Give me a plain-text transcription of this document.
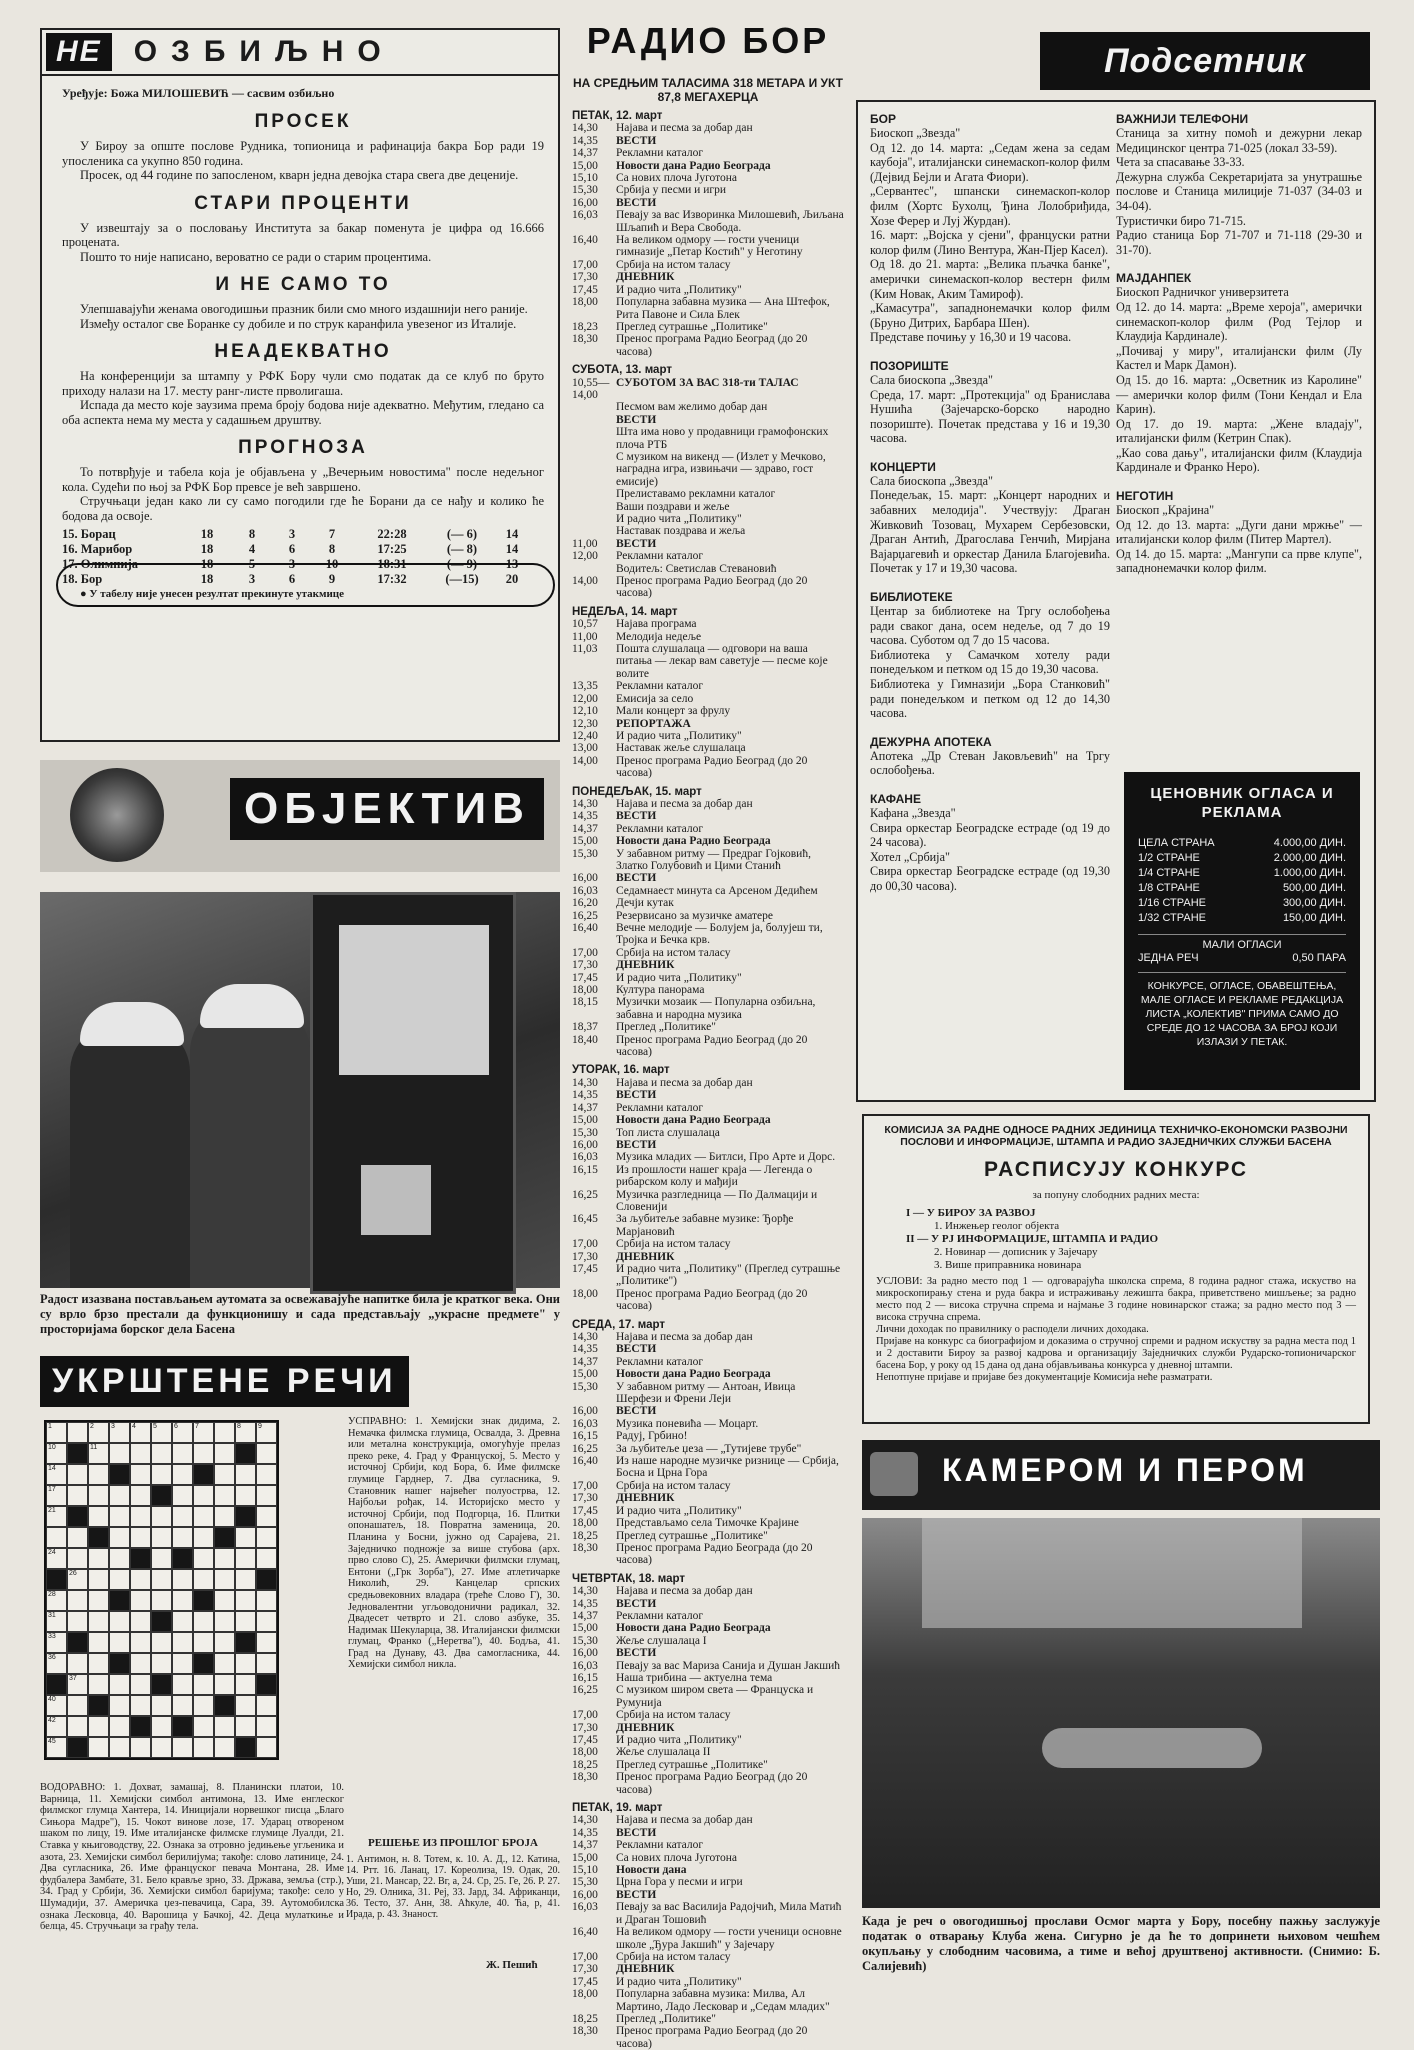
НЕ	ОЗБИЉНО
Уређује: Божа МИЛОШЕВИЋ — сасвим озбиљно
ПРОСЕК
У Бироу за опште послове Рудника, топионица и рафинација бакра Бор ради 19 упосленика са укупно 850 година.
Просек, од 44 године по запосленом, кварн једна девојка стара свега две деценије.
СТАРИ ПРОЦЕНТИ
У извештају за о пословању Института за бакар поменута је цифра од 16.666 процената.
Пошто то није написано, вероватно се ради о старим процентима.
И НЕ САМО ТО
Улепшавајући женама овогодишњи празник били смо много издашнији него раније.
Између осталог све Боранке су добиле и по струк каранфила увезеног из Италије.
НЕАДЕКВАТНО
На конференцији за штампу у РФК Бору чули смо податак да се клуб по бруто приходу налази на 17. месту ранг-листе прволигаша.
Испада да место које заузима према броју бодова није адекватно. Међутим, гледано са оба аспекта нема му места у садашњем друштву.
ПРОГНОЗА
То потврђује и табела која је објављена у „Вечерњим новостима" после недељног кола. Судећи по њој за РФК Бор превсе је већ завршено.
Стручњаци један како ли су само погодили где ће Борани да се нађу и колико ће бодова да освоје.
15. Борац	18	8	3	7	22:28	(— 6)	14
16. Марибор	18	4	6	8	17:25	(— 8)	14
17. Олимпија	18	5	3	10	18:31	(— 9)	13
18. Бор	18	3	6	9	17:32	(—15)	20
● У табелу није унесен резултат прекинуте утакмице
ОБЈЕКТИВ
Радост изазвана постављањем аутомата за освежавајуће напитке била је кратког века. Они су врло брзо престали да функционишу и сада представљају „украсне предмете" у просторијама борског дела Басена
УКРШТЕНЕ РЕЧИ
1	2 3 4 5 6 7	8 9
10	11
14
17
21
24
26
28
31
33
36
37
40
42
45
ВОДОРАВНО: 1. Дохват, замашај, 8. Планински платои, 10. Варница, 11. Хемијски симбол антимона, 13. Име енглеског филмског глумца Хантера, 14. Иницијали норвешког писца „Благо Сињора Мадре"), 15. Чокот винове лозе, 17. Ударац отвореном шаком по лицу, 19. Име италијанске филмске глумице Луалди, 21. Ставка у књиговодству, 22. Ознака за отровно једињење угљеника и азота, 23. Хемијски симбол берилијума; такође: слово латинице, 24. Два сугласника, 26. Име француског певача Монтана, 28. Име фудбалера Замбате, 31. Бело кравље зрно, 33. Држава, земља (стр.), 34. Град у Србији, 36. Хемијски симбол баријума; такође: село у Шумадији, 37. Америчка џез-певачица, Сара, 39. Аутомобилска ознака Лесковца, 40. Варошица у Бачкој, 42. Деца мулаткиње и белца, 45. Стручњаци за грађу тела.
УСПРАВНО: 1. Хемијски знак дидима, 2. Немачка филмска глумица, Освалда, 3. Древна или метална конструкција, омогућује прелаз преко реке, 4. Град у Француској, 5. Место у источној Србији, код Бора, 6. Име филмске глумице Гарднер, 7. Два сугласника, 9. Становник нашег највећег полуострва, 12. Најбољи рођак, 14. Историјско место у источној Србији, под Подгорца, 16. Плитки опонашатељ, 18. Повратна заменица, 20. Планина у Босни, јужно од Сарајева, 21. Заједничко подножје за више стубова (арх. прво слово С), 25. Амерички филмски глумац, Ентони („Грк Зорба"), 27. Име атлетичарке Николић, 29. Канцелар српских средњовековних владара (треће Слово Г), 30. Једновалентни угљоводонични радикал, 32. Двадесет четврто и 21. слово азбуке, 35. Надимак Шекуларца, 38. Италијански филмски глумац, Франко („Неретва"), 40. Бодља, 41. Град на Дунаву, 43. Два самогласника, 44. Хемијски симбол никла.
РЕШЕЊЕ ИЗ ПРОШЛОГ БРОЈА
1. Антимон, н. 8. Тотем, к. 10. А. Д., 12. Катина, 14. Ртт. 16. Ланац, 17. Кореолиза, 19. Одак, 20. Уши, 21. Мансар, 22. Вг, а, 24. Ср, 25. Ге, 26. Р. 27. Но, 29. Олника, 31. Реј, 33. Јард, 34. Африканци, 36. Тесто, 37. Анн, 38. Аћкуле, 40. Ћа, р, 41. Ирада, р. 43. Знаност.
Ж. Пешић
РАДИО БОР
НА СРЕДЊИМ ТАЛАСИМА 318 МЕТАРА И УКТ 87,8 МЕГАХЕРЦА
ПЕТАК, 12. март
14,30	Најава и песма за добар дан
14,35	ВЕСТИ
14,37	Рекламни каталог
15,00	Новости дана Радио Београда
15,10	Са нових плоча Југотона
15,30	Србија у песми и игри
16,00	ВЕСТИ
16,03	Певају за вас Изворинка Милошевић, Љиљана Шљапић и Вера Свобода.
16,40	На великом одмору — гости ученици гимназије „Петар Костић" у Неготину
17,00	Србија на истом таласу
17,30	ДНЕВНИК
17,45	И радио чита „Политику"
18,00	Популарна забавна музика — Ана Штефок, Рита Павоне и Сила Блек
18,23	Преглед сутрашње „Политике"
18,30	Пренос програма Радио Београд (до 20 часова)
СУБОТА, 13. март
10,55—14,00
СУБОТОМ ЗА ВАС 318-ти ТАЛАС
Песмом вам желимо добар дан
ВЕСТИ
Шта има ново у продавници грамофонских плоча РТБ
С музиком на викенд — (Излет у Мечково, наградна игра, извињачи — здраво, гост емисије)
Прелиставамо рекламни каталог
Ваши поздрави и жеље
И радио чита „Политику"
Наставак поздрава и жеља
11,00	ВЕСТИ
12,00	Рекламни каталог
Водитељ: Светислав Стевановић
14,00	Пренос програма Радио Београд (до 20 часова)
НЕДЕЉА, 14. март
10,57	Најава програма
11,00	Мелодија недеље
11,03	Пошта слушалаца — одговори на ваша питања — лекар вам саветује — песме које волите
13,35	Рекламни каталог
12,00	Емисија за село
12,10	Мали концерт за фрулу
12,30	РЕПОРТАЖА
12,40	И радио чита „Политику"
13,00	Наставак жеље слушалаца
14,00	Пренос програма Радио Београд (до 20 часова)
ПОНЕДЕЉАК, 15. март
14,30	Најава и песма за добар дан
14,35	ВЕСТИ
14,37	Рекламни каталог
15,00	Новости дана Радио Београда
15,30	У забавном ритму — Предраг Гојковић, Златко Голубовић и Цими Станић
16,00	ВЕСТИ
16,03	Седамнаест минута са Арсеном Дедићем
16,20	Дечји кутак
16,25	Резервисано за музичке аматере
16,40	Вечне мелодије — Болујем ја, болујеш ти, Тројка и Бечка крв.
17,00	Србија на истом таласу
17,30	ДНЕВНИК
17,45	И радио чита „Политику"
18,00	Култура панорама
18,15	Музички мозаик — Популарна озбиљна, забавна и народна музика
18,37	Преглед „Политике"
18,40	Пренос програма Радио Београд (до 20 часова)
УТОРАК, 16. март
14,30	Најава и песма за добар дан
14,35	ВЕСТИ
14,37	Рекламни каталог
15,00	Новости дана Радио Београда
15,30	Топ листа слушалаца
16,00	ВЕСТИ
16,03	Музика младих — Битлси, Про Арте и Дорс.
16,15	Из прошлости нашег краја — Легенда о рибарском колу и мађији
16,25	Музичка разгледница — По Далмацији и Словенији
16,45	За љубитеље забавне музике: Ђорђе Марјановић
17,00	Србија на истом таласу
17,30	ДНЕВНИК
17,45	И радио чита „Политику" (Преглед сутрашње „Политике")
18,00	Пренос програма Радио Београд (до 20 часова)
СРЕДА, 17. март
14,30	Најава и песма за добар дан
14,35	ВЕСТИ
14,37	Рекламни каталог
15,00	Новости дана Радио Београда
15,30	У забавном ритму — Антоан, Ивица Шерфези и Френи Леји
16,00	ВЕСТИ
16,03	Музика поневића — Моцарт.
16,15	Радуј, Грбино!
16,25	За љубитеље џеза — „Тутијеве трубе"
16,40	Из наше народне музичке ризнице — Србија, Босна и Црна Гора
17,00	Србија на истом таласу
17,30	ДНЕВНИК
17,45	И радио чита „Политику"
18,00	Представљамо села Тимочке Крајине
18,25	Преглед сутрашње „Политике"
18,30	Пренос програма Радио Београда (до 20 часова)
ЧЕТВРТАК, 18. март
14,30	Најава и песма за добар дан
14,35	ВЕСТИ
14,37	Рекламни каталог
15,00	Новости дана Радио Београда
15,30	Жеље слушалаца I
16,00	ВЕСТИ
16,03	Певају за вас Мариза Санија и Душан Јакшић
16,15	Наша трибина — актуелна тема
16,25	С музиком широм света — Француска и Румунија
17,00	Србија на истом таласу
17,30	ДНЕВНИК
17,45	И радио чита „Политику"
18,00	Жеље слушалаца II
18,25	Преглед сутрашње „Политике"
18,30	Пренос програма Радио Београд (до 20 часова)
ПЕТАК, 19. март
14,30	Најава и песма за добар дан
14,35	ВЕСТИ
14,37	Рекламни каталог
15,00	Са нових плоча Југотона
15,10	Новости дана
15,30	Црна Гора у песми и игри
16,00	ВЕСТИ
16,03	Певају за вас Василија Радојчић, Мила Матић и Драган Тошовић
16,40	На великом одмору — гости ученици основне школе „Ђура Јакшић" у Зајечару
17,00	Србија на истом таласу
17,30	ДНЕВНИК
17,45	И радио чита „Политику"
18,00	Популарна забавна музика: Милва, Ал Мартино, Ладо Лесковар и „Седам младих"
18,25	Преглед „Политике"
18,30	Пренос програма Радио Београд (до 20 часова)
Подсетник
БОР
Биоскоп „Звезда"
Од 12. до 14. марта: „Седам жена за седам каубоја", италијански синемаскоп-колор филм (Дејвид Бејли и Агата Фиори).
„Сервантес", шпански синемаскоп-колор филм (Хортс Бухолц, Ђина Лолобриђида, Хозе Ферер и Луј Журдан).
16. март: „Војска у сјени", француски ратни колор филм (Лино Вентура, Жан-Пјер Касел).
Од 18. до 21. марта: „Велика пљачка банке", амерички синемаскоп-колор вестерн филм (Ким Новак, Аким Тамироф).
„Камасутра", западнонемачки колор филм (Бруно Дитрих, Барбара Шен).
Представе почињу у 16,30 и 19 часова.
ПОЗОРИШТЕ
Сала биоскопа „Звезда"
Среда, 17. март: „Протекција" од Бранислава Нушића (Зајечарско-борско народно позориште). Почетак представа у 16 и 19,30 часова.
КОНЦЕРТИ
Сала биоскопа „Звезда"
Понедељак, 15. март: „Концерт народних и забавних мелодија". Учествују: Драган Живковић Тозовац, Мухарем Сербезовски, Драган Антић, Драгослава Генчић, Мирјана Вајарџагевић и оркестар Данила Благојевића. Почетак у 17 и 19,30 часова.
БИБЛИОТЕКЕ
Центар за библиотеке на Тргу ослобођења ради сваког дана, осем недеље, од 7 до 19 часова. Суботом од 7 до 15 часова.
Библиотека у Самачком хотелу ради понедељком и петком од 15 до 19,30 часова.
Библиотека у Гимназији „Бора Станковић" ради понедељком и петком од 12 до 14,30 часова.
ДЕЖУРНА АПОТЕКА
Апотека „Др Стеван Јаковљевић" на Тргу ослобођења.
КАФАНЕ
Кафана „Звезда"
Свира оркестар Београдске естраде (од 19 до 24 часова).
Хотел „Србија"
Свира оркестар Београдске естраде (од 19,30 до 00,30 часова).
ВАЖНИЈИ ТЕЛЕФОНИ
Станица за хитну помоћ и дежурни лекар Медицинског центра 71-025 (локал 33-59).
Чета за спасавање 33-33.
Дежурна служба Секретаријата за унутрашње послове и Станица милиције 71-037 (34-03 и 34-04).
Туристички биро 71-715.
Радио станица Бор 71-707 и 71-118 (29-30 и 31-70).
МАЈДАНПЕК
Биоскоп Радничког универзитета
Од 12. до 14. марта: „Време хероја", амерички синемаскоп-колор филм (Род Тејлор и Клаудија Кардинале).
„Почивај у миру", италијански филм (Лу Кастел и Марк Дамон).
Од 15. до 16. марта: „Осветник из Каролине" — амерички колор филм (Тони Кендал и Ела Карин).
Од 17. до 19. марта: „Жене владају", италијански филм (Кетрин Спак).
„Као сова дању", италијански филм (Клаудија Кардинале и Франко Неро).
НЕГОТИН
Биоскоп „Крајина"
Од 12. до 13. марта: „Дуги дани мржње" — италијански колор филм (Питер Мартел).
Од 14. до 15. марта: „Мангупи са прве клупе", западнонемачки колор филм.
ЦЕНОВНИК ОГЛАСА И РЕКЛАМА
ЦЕЛА СТРАНА	4.000,00 ДИН.
1/2 СТРАНЕ	2.000,00 ДИН.
1/4 СТРАНЕ	1.000,00 ДИН.
1/8 СТРАНЕ	500,00 ДИН.
1/16 СТРАНЕ	300,00 ДИН.
1/32 СТРАНЕ	150,00 ДИН.
МАЛИ ОГЛАСИ
ЈЕДНА РЕЧ	0,50 ПАРА
КОНКУРСЕ, ОГЛАСЕ, ОБАВЕШТЕЊА, МАЛЕ ОГЛАСЕ И РЕКЛАМЕ РЕДАКЦИЈА ЛИСТА „КОЛЕКТИВ" ПРИМА САМО ДО СРЕДЕ ДО 12 ЧАСОВА ЗА БРОЈ КОЈИ ИЗЛАЗИ У ПЕТАК.
КОМИСИЈА ЗА РАДНЕ ОДНОСЕ РАДНИХ ЈЕДИНИЦА ТЕХНИЧКО-ЕКОНОМСКИ РАЗВОЈНИ ПОСЛОВИ И ИНФОРМАЦИЈЕ, ШТАМПА И РАДИО ЗАЈЕДНИЧКИХ СЛУЖБИ БАСЕНА
РАСПИСУЈУ КОНКУРС
за попуну слободних радних места:
I — У БИРОУ ЗА РАЗВОЈ
1. Инжењер геолог објекта
II — У РЈ ИНФОРМАЦИЈЕ, ШТАМПА И РАДИО
2. Новинар — дописник у Зајечару
3. Више приправника новинара
УСЛОВИ: За радно место под 1 — одговарајућа школска спрема, 8 година радног стажа, искуство на микроскопирању стена и руда бакра и истраживању лежишта бакра, приветствено мишљење; за радно место под 2 — висока стручна спрема и најмање 3 године новинарског стажа; за радно место под 3 — висока стручна спрема.
Лични доходак по правилнику о расподели личних доходака.
Пријаве на конкурс са биографијом и доказима о стручној спреми и радном искуству за радна места под 1 и 2 доставити Бироу за развој кадрова и организацију Заједничких служби Рударско-топионичарског басена Бор, у року од 15 дана од дана објављивања конкурса у дневној штампи.
Непотпуне пријаве и пријаве без документације Комисија неће разматрати.
КАМЕРОМ И ПЕРОМ
Када је реч о овогодишњој прослави Осмог марта у Бору, посебну пажњу заслужује податак о отварању Клуба жена. Сигурно је да ће то допринети њиховом чешћем окупљању у слободним часовима, а тиме и већој друштвеној активности. (Снимио: Б. Салијевић)
